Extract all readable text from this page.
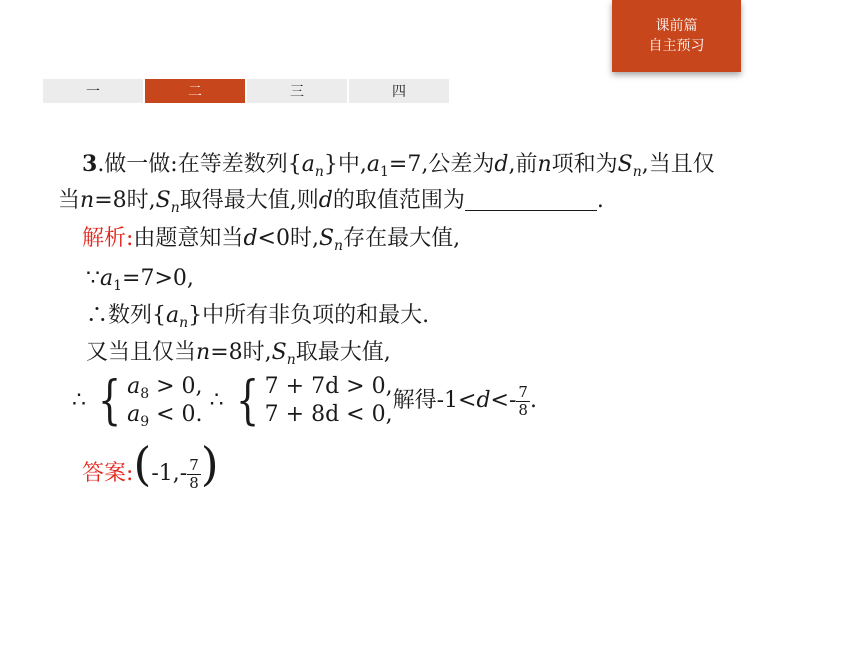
课前篇
自主预习
一	二	三	四
3.做一做:在等差数列$\{a_n\}$中$,a_1=7$,公差为d,前n项和为$S_n$,当且仅
当n=8时$,S_n$取得最大值,则d的取值范围为	.
解析:由题意知当d<0时$,S_n$存在最大值,
$\because a_1=7>0$,
∴数列$\{a_n\}$中所有非负项的和最大.
又当且仅当n=8时$,S_n$取最大值,
∴ { $a_8 > 0$,
$a_9 < 0$.
∴ { 7 + 7d > 0,
7 + 8d < 0,
解得$-1<d<- \frac{7}{8}$ .
答案:(-1,- $\frac{7}{8}$ )
